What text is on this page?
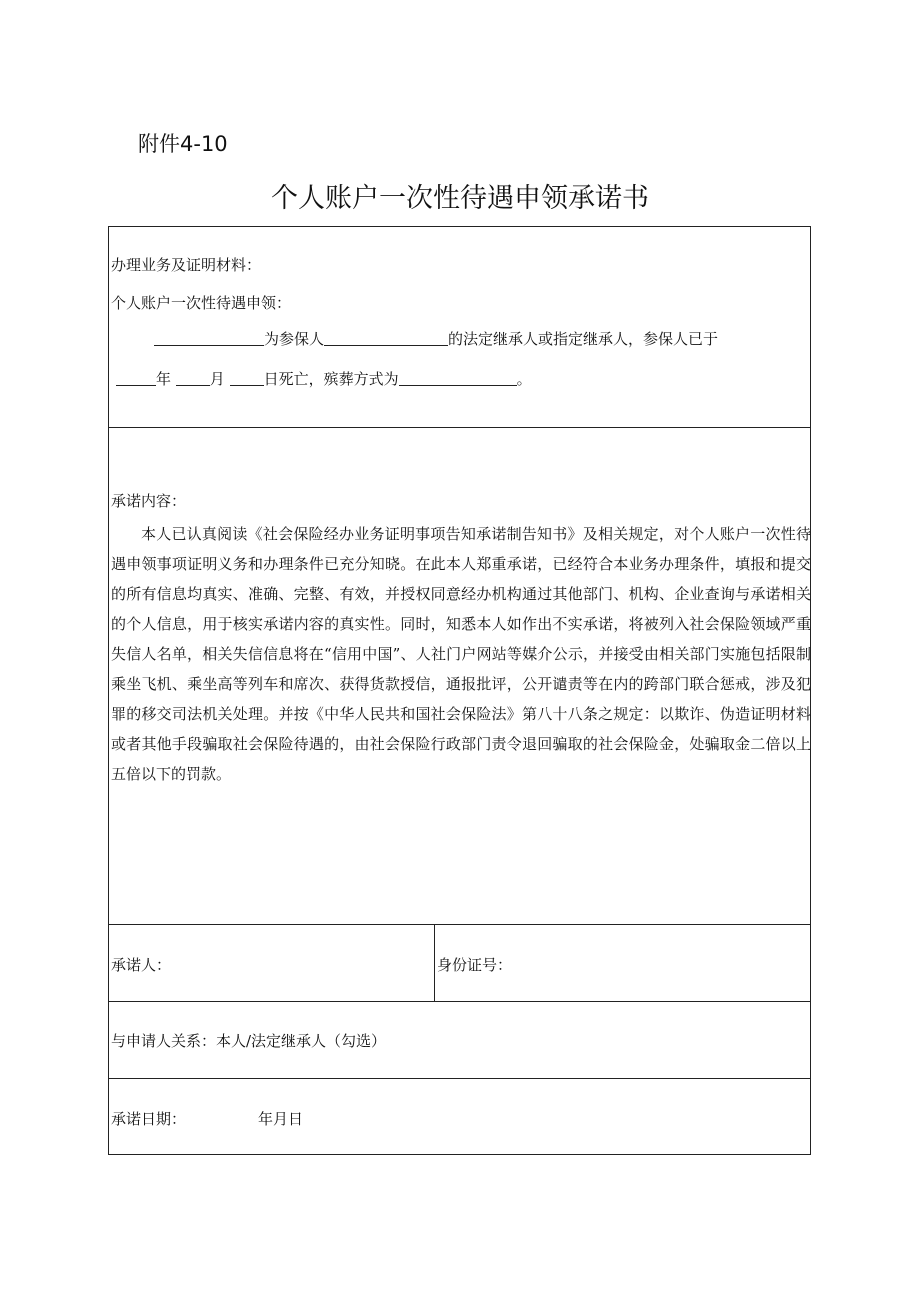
附件4-10
个人账户一次性待遇申领承诺书
办理业务及证明材料：
个人账户一次性待遇申领：
为参保人	的法定继承人或指定继承人，参保人已于
年	月	日死亡，殡葬方式为	。
承诺内容：
本人已认真阅读《社会保险经办业务证明事项告知承诺制告知书》及相关规定，对个人账户一次性待遇申领事项证明义务和办理条件已充分知晓。在此本人郑重承诺，已经符合本业务办理条件，填报和提交的所有信息均真实、准确、完整、有效，并授权同意经办机构通过其他部门、机构、企业查询与承诺相关的个人信息，用于核实承诺内容的真实性。同时，知悉本人如作出不实承诺，将被列入社会保险领域严重失信人名单，相关失信信息将在“信用中国”、人社门户网站等媒介公示，并接受由相关部门实施包括限制乘坐飞机、乘坐高等列车和席次、获得货款授信，通报批评，公开谴责等在内的跨部门联合惩戒，涉及犯罪的移交司法机关处理。并按《中华人民共和国社会保险法》第八十八条之规定：以欺诈、伪造证明材料或者其他手段骗取社会保险待遇的，由社会保险行政部门责令退回骗取的社会保险金，处骗取金二倍以上五倍以下的罚款。
承诺人：	身份证号：
与申请人关系：本人/法定继承人（勾选）
承诺日期：	年月日
